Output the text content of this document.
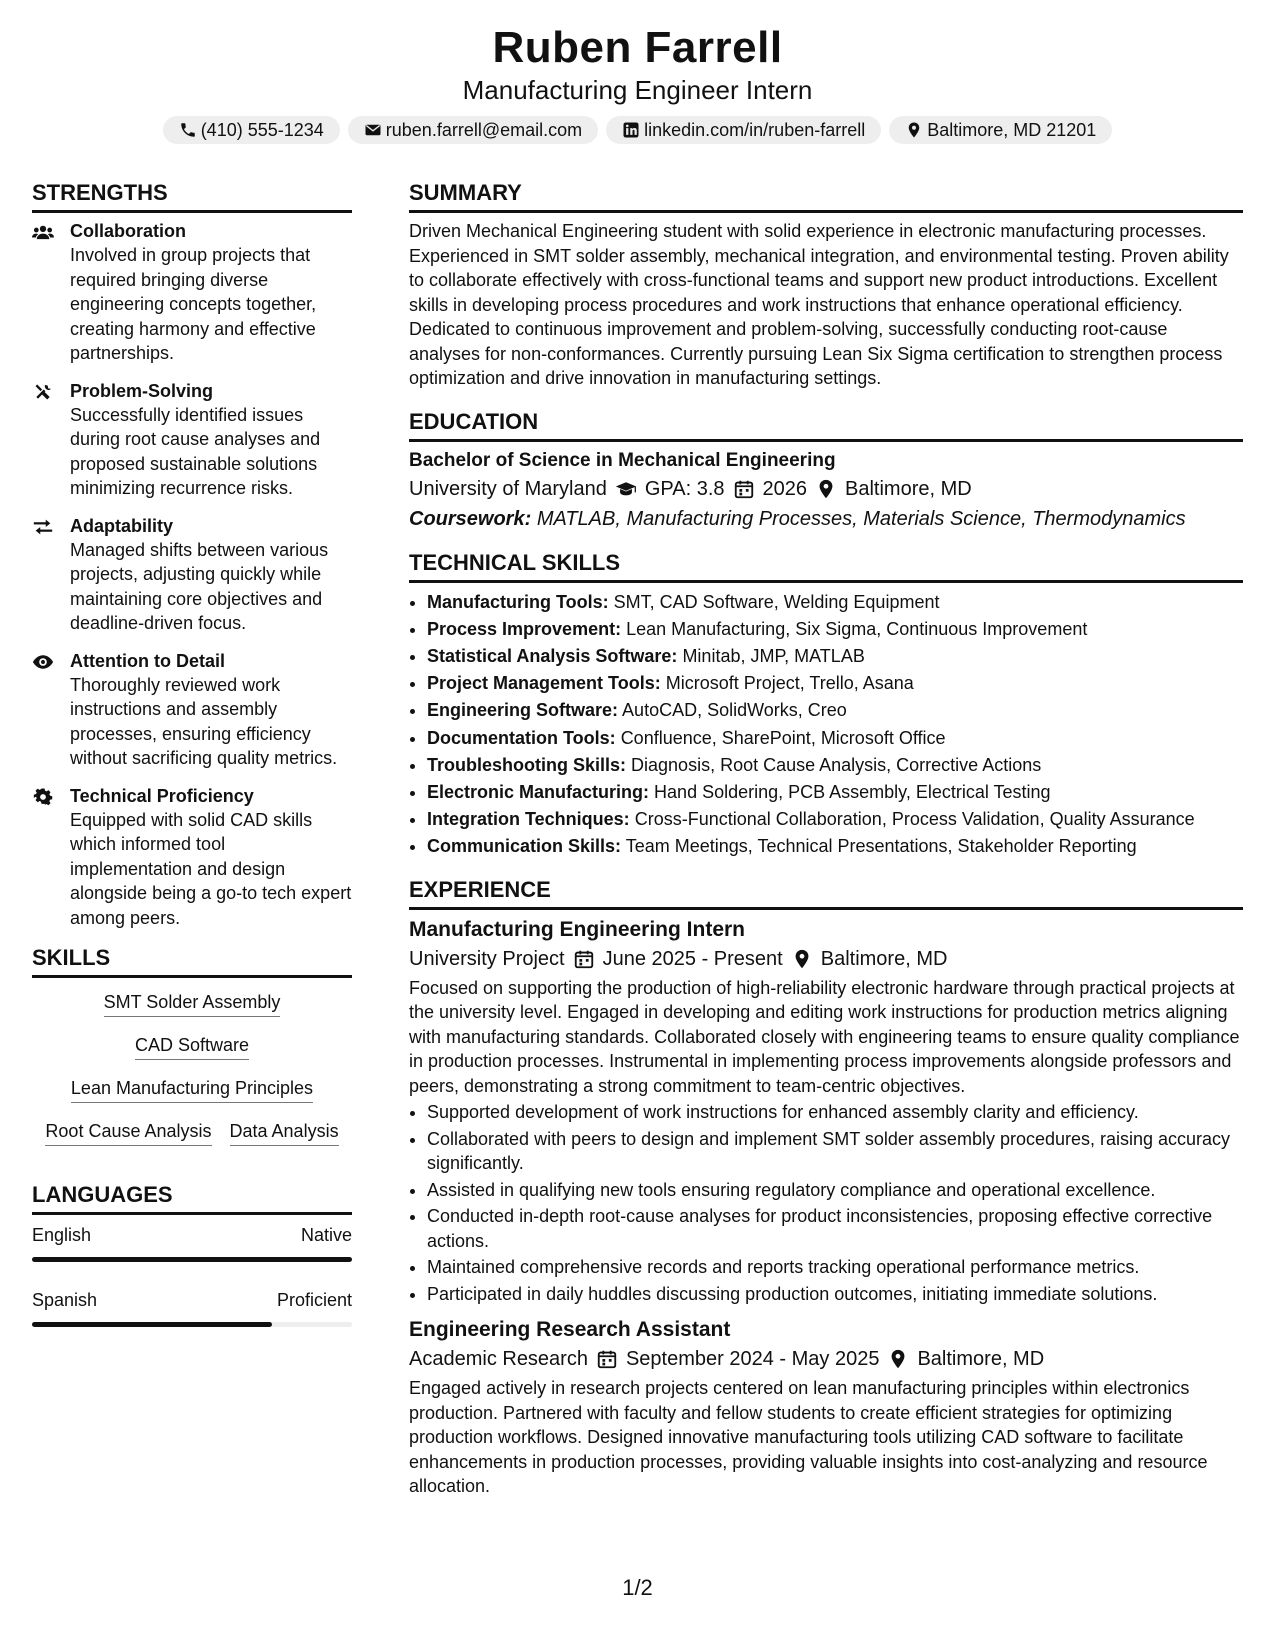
Ruben Farrell
Manufacturing Engineer Intern
(410) 555-1234	ruben.farrell@email.com	linkedin.com/in/ruben-farrell	Baltimore, MD 21201
STRENGTHS
Collaboration
Involved in group projects that required bringing diverse engineering concepts together, creating harmony and effective partnerships.
Problem-Solving
Successfully identified issues during root cause analyses and proposed sustainable solutions minimizing recurrence risks.
Adaptability
Managed shifts between various projects, adjusting quickly while maintaining core objectives and deadline-driven focus.
Attention to Detail
Thoroughly reviewed work instructions and assembly processes, ensuring efficiency without sacrificing quality metrics.
Technical Proficiency
Equipped with solid CAD skills which informed tool implementation and design alongside being a go-to tech expert among peers.
SKILLS
SMT Solder Assembly
CAD Software
Lean Manufacturing Principles
Root Cause Analysis Data Analysis
LANGUAGES
English	Native
Spanish	Proficient
SUMMARY
Driven Mechanical Engineering student with solid experience in electronic manufacturing processes. Experienced in SMT solder assembly, mechanical integration, and environmental testing. Proven ability to collaborate effectively with cross-functional teams and support new product introductions. Excellent skills in developing process procedures and work instructions that enhance operational efficiency. Dedicated to continuous improvement and problem-solving, successfully conducting root-cause analyses for non-conformances. Currently pursuing Lean Six Sigma certification to strengthen process optimization and drive innovation in manufacturing settings.
EDUCATION
Bachelor of Science in Mechanical Engineering
University of Maryland GPA: 3.8 2026 Baltimore, MD
Coursework: MATLAB, Manufacturing Processes, Materials Science, Thermodynamics
TECHNICAL SKILLS
• Manufacturing Tools: SMT, CAD Software, Welding Equipment
• Process Improvement: Lean Manufacturing, Six Sigma, Continuous Improvement
• Statistical Analysis Software: Minitab, JMP, MATLAB
• Project Management Tools: Microsoft Project, Trello, Asana
• Engineering Software: AutoCAD, SolidWorks, Creo
• Documentation Tools: Confluence, SharePoint, Microsoft Office
• Troubleshooting Skills: Diagnosis, Root Cause Analysis, Corrective Actions
• Electronic Manufacturing: Hand Soldering, PCB Assembly, Electrical Testing
• Integration Techniques: Cross-Functional Collaboration, Process Validation, Quality Assurance
• Communication Skills: Team Meetings, Technical Presentations, Stakeholder Reporting
EXPERIENCE
Manufacturing Engineering Intern
University Project June 2025 - Present Baltimore, MD
Focused on supporting the production of high-reliability electronic hardware through practical projects at the university level. Engaged in developing and editing work instructions for production metrics aligning with manufacturing standards. Collaborated closely with engineering teams to ensure quality compliance in production processes. Instrumental in implementing process improvements alongside professors and peers, demonstrating a strong commitment to team-centric objectives.
• Supported development of work instructions for enhanced assembly clarity and efficiency.
• Collaborated with peers to design and implement SMT solder assembly procedures, raising accuracy significantly.
• Assisted in qualifying new tools ensuring regulatory compliance and operational excellence.
• Conducted in-depth root-cause analyses for product inconsistencies, proposing effective corrective actions.
• Maintained comprehensive records and reports tracking operational performance metrics.
• Participated in daily huddles discussing production outcomes, initiating immediate solutions.
Engineering Research Assistant
Academic Research September 2024 - May 2025 Baltimore, MD
Engaged actively in research projects centered on lean manufacturing principles within electronics production. Partnered with faculty and fellow students to create efficient strategies for optimizing production workflows. Designed innovative manufacturing tools utilizing CAD software to facilitate enhancements in production processes, providing valuable insights into cost-analyzing and resource allocation.
1/2
